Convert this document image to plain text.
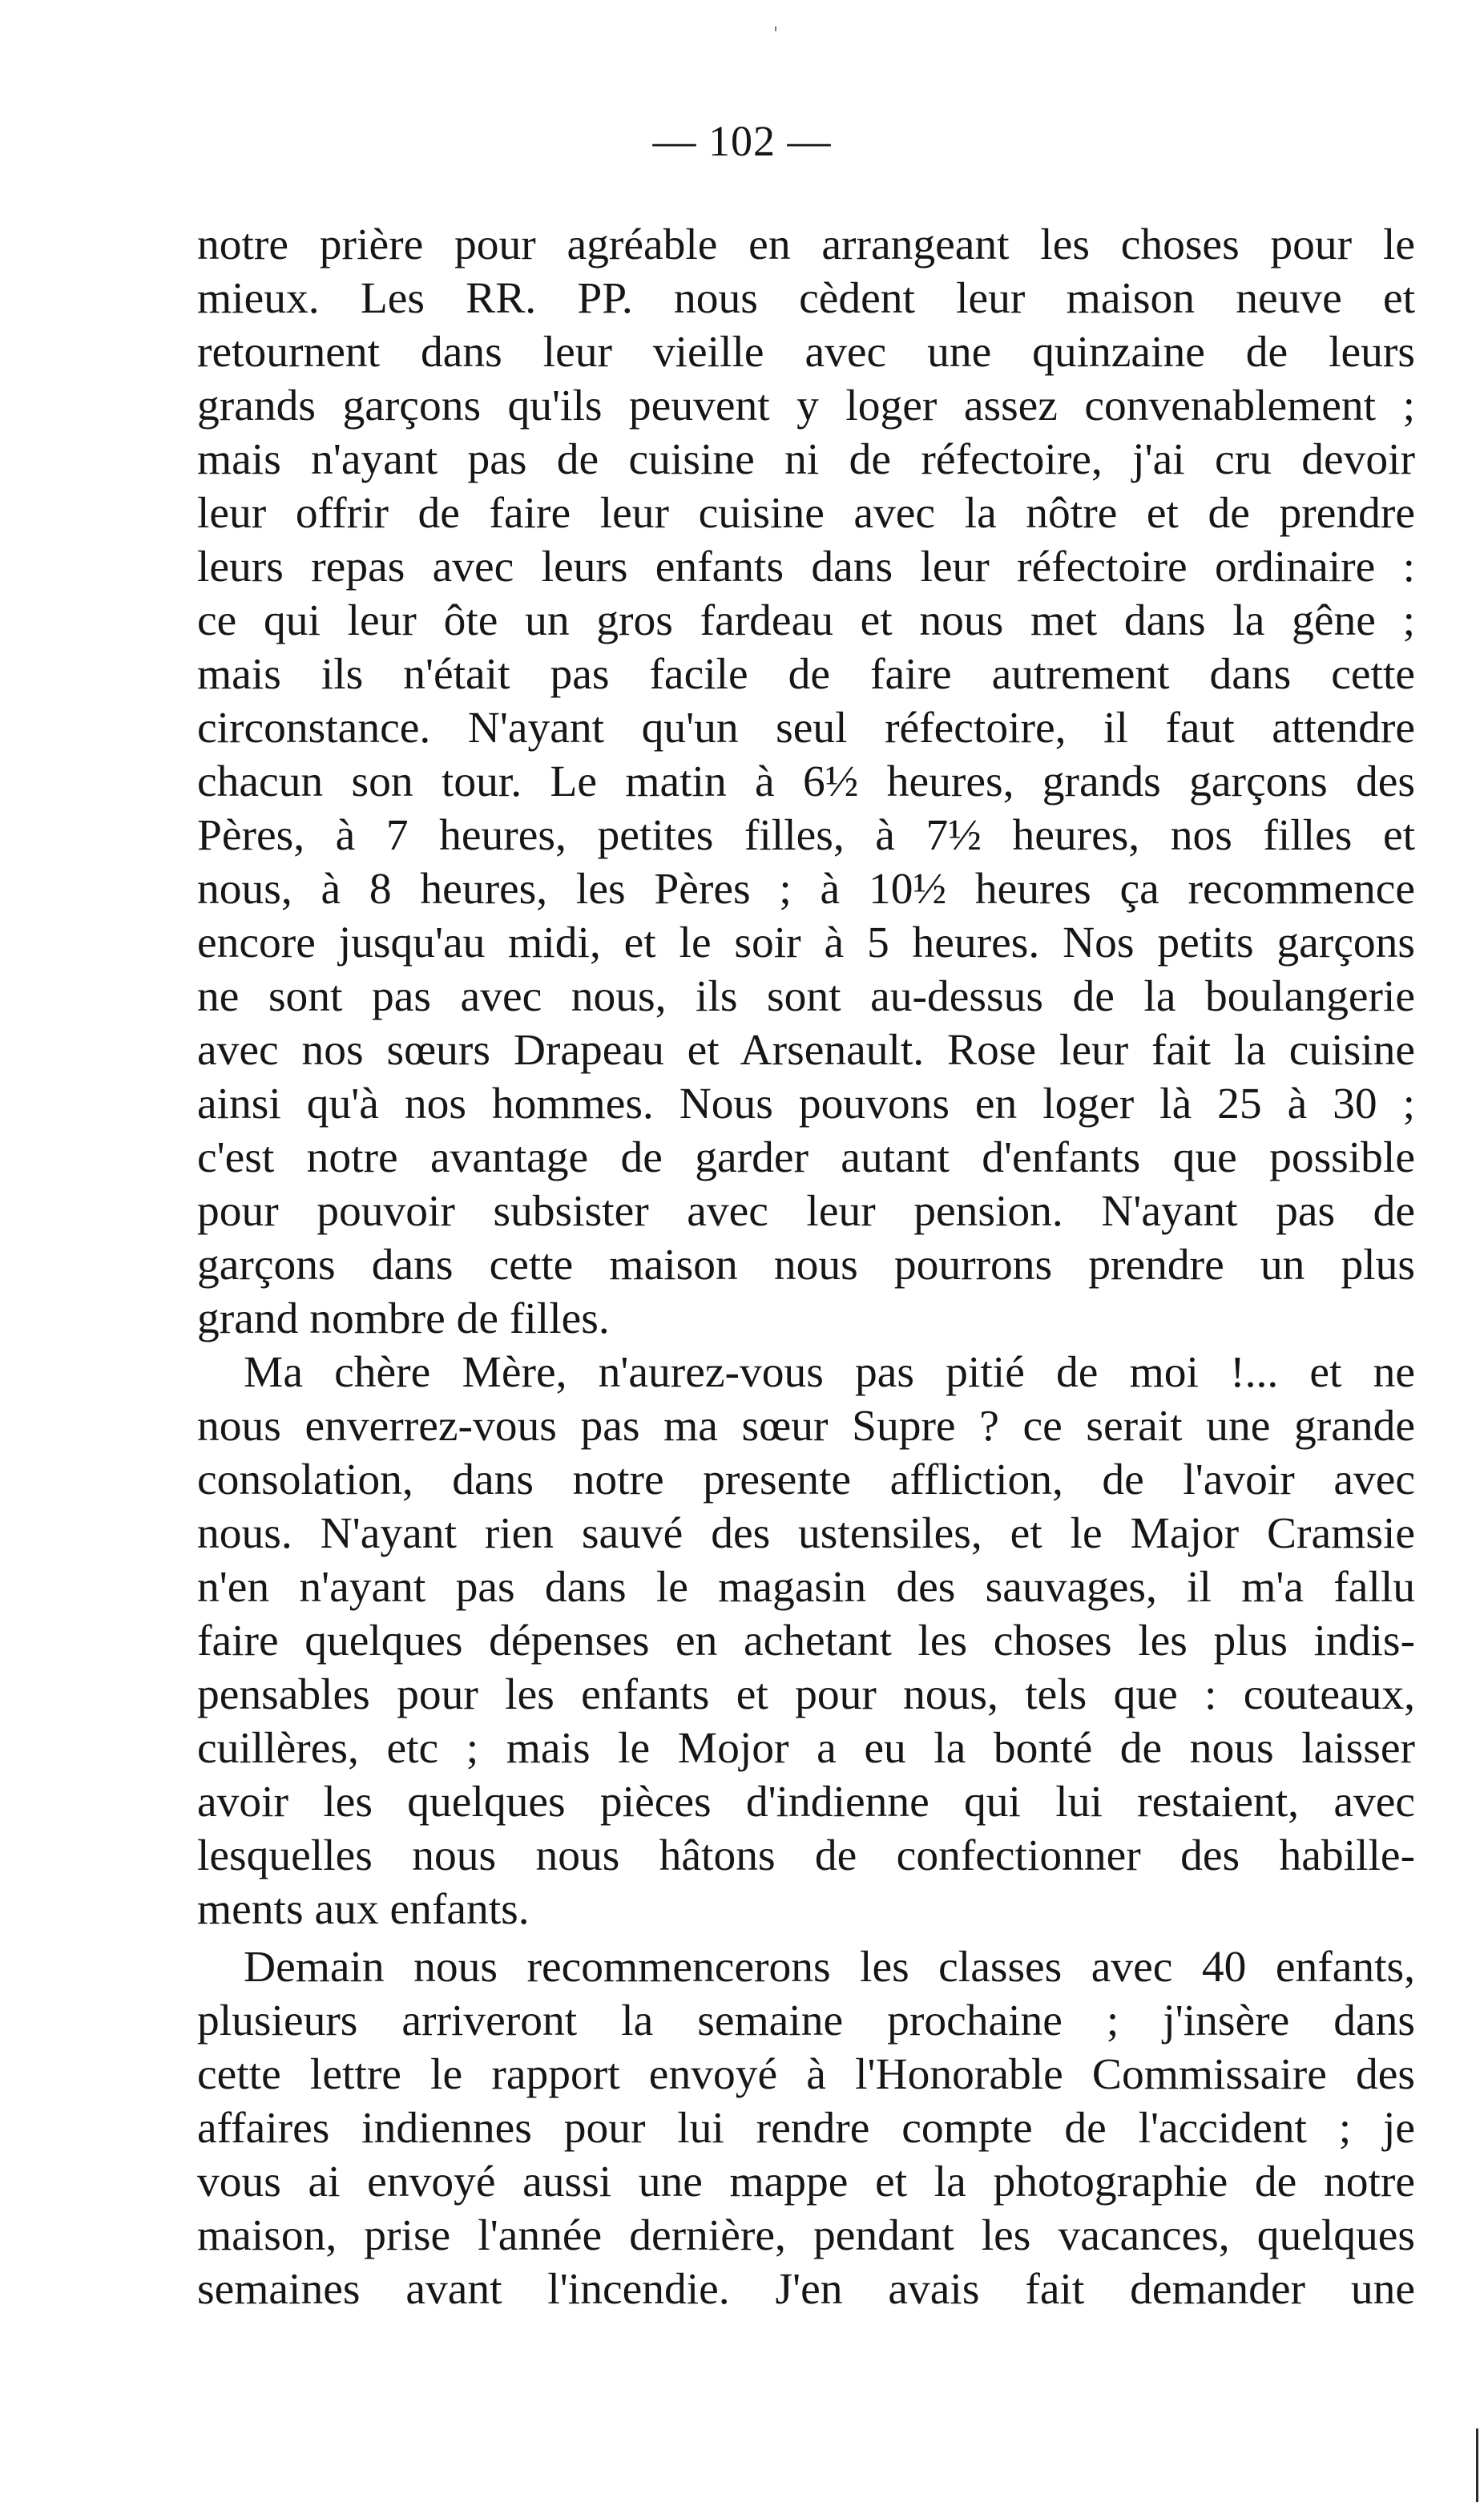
— 102 —
notre prière pour agréable en arrangeant les choses pour le
mieux. Les RR. PP. nous cèdent leur maison neuve et
retournent dans leur vieille avec une quinzaine de leurs
grands garçons qu'ils peuvent y loger assez convenablement ;
mais n'ayant pas de cuisine ni de réfectoire, j'ai cru devoir
leur offrir de faire leur cuisine avec la nôtre et de prendre
leurs repas avec leurs enfants dans leur réfectoire ordinaire :
ce qui leur ôte un gros fardeau et nous met dans la gêne ;
mais ils n'était pas facile de faire autrement dans cette
circonstance. N'ayant qu'un seul réfectoire, il faut attendre
chacun son tour. Le matin à 6½ heures, grands garçons des
Pères, à 7 heures, petites filles, à 7½ heures, nos filles et
nous, à 8 heures, les Pères ; à 10½ heures ça recommence
encore jusqu'au midi, et le soir à 5 heures. Nos petits garçons
ne sont pas avec nous, ils sont au-dessus de la boulangerie
avec nos sœurs Drapeau et Arsenault. Rose leur fait la cuisine
ainsi qu'à nos hommes. Nous pouvons en loger là 25 à 30 ;
c'est notre avantage de garder autant d'enfants que possible
pour pouvoir subsister avec leur pension. N'ayant pas de
garçons dans cette maison nous pourrons prendre un plus
grand nombre de filles.
Ma chère Mère, n'aurez-vous pas pitié de moi !... et ne
nous enverrez-vous pas ma sœur Supre ? ce serait une grande
consolation, dans notre presente affliction, de l'avoir avec
nous. N'ayant rien sauvé des ustensiles, et le Major Cramsie
n'en n'ayant pas dans le magasin des sauvages, il m'a fallu
faire quelques dépenses en achetant les choses les plus indis-
pensables pour les enfants et pour nous, tels que : couteaux,
cuillères, etc ; mais le Mojor a eu la bonté de nous laisser
avoir les quelques pièces d'indienne qui lui restaient, avec
lesquelles nous nous hâtons de confectionner des habille-
ments aux enfants.
Demain nous recommencerons les classes avec 40 enfants,
plusieurs arriveront la semaine prochaine ; j'insère dans
cette lettre le rapport envoyé à l'Honorable Commissaire des
affaires indiennes pour lui rendre compte de l'accident ; je
vous ai envoyé aussi une mappe et la photographie de notre
maison, prise l'année dernière, pendant les vacances, quelques
semaines avant l'incendie. J'en avais fait demander une
